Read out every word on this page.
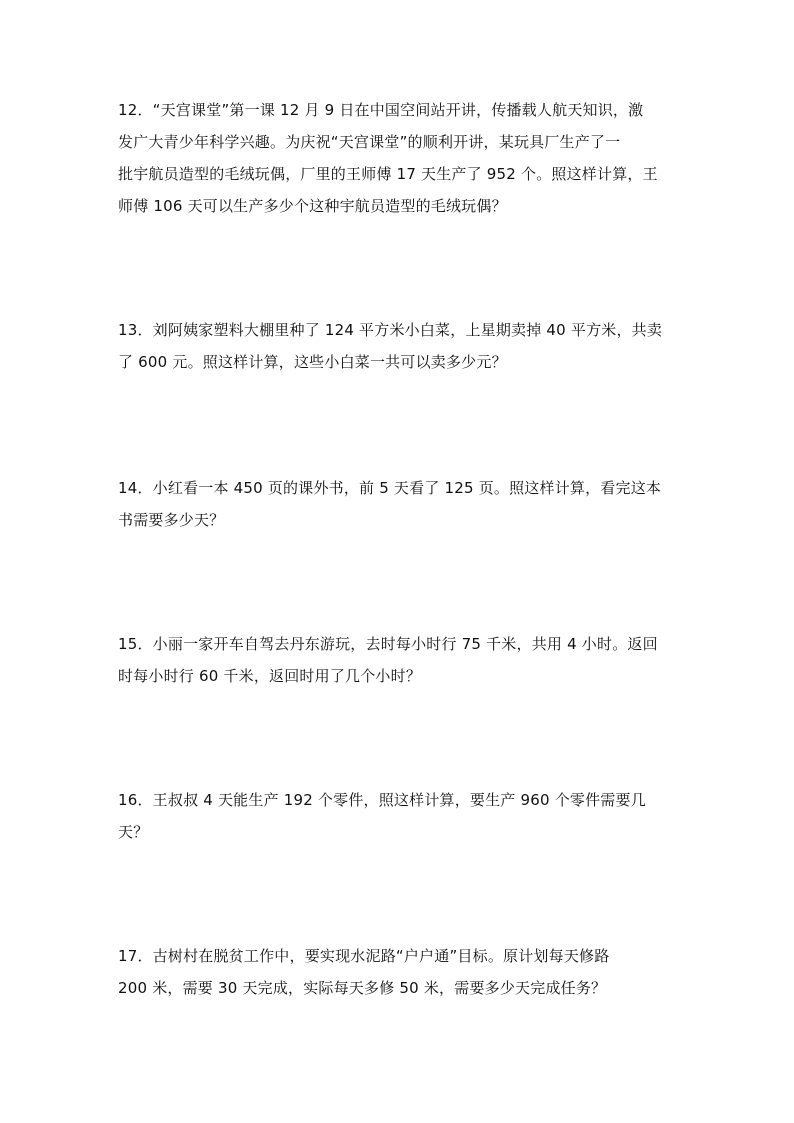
12．“天宫课堂”第一课 12 月 9 日在中国空间站开讲，传播载人航天知识，激
发广大青少年科学兴趣。为庆祝“天宫课堂”的顺利开讲，某玩具厂生产了一
批宇航员造型的毛绒玩偶，厂里的王师傅 17 天生产了 952 个。照这样计算，王
师傅 106 天可以生产多少个这种宇航员造型的毛绒玩偶？
13．刘阿姨家塑料大棚里种了 124 平方米小白菜，上星期卖掉 40 平方米，共卖
了 600 元。照这样计算，这些小白菜一共可以卖多少元？
14．小红看一本 450 页的课外书，前 5 天看了 125 页。照这样计算，看完这本
书需要多少天？
15．小丽一家开车自驾去丹东游玩，去时每小时行 75 千米，共用 4 小时。返回
时每小时行 60 千米，返回时用了几个小时？
16．王叔叔 4 天能生产 192 个零件，照这样计算，要生产 960 个零件需要几
天？
17．古树村在脱贫工作中，要实现水泥路“户户通”目标。原计划每天修路
200 米，需要 30 天完成，实际每天多修 50 米，需要多少天完成任务？
